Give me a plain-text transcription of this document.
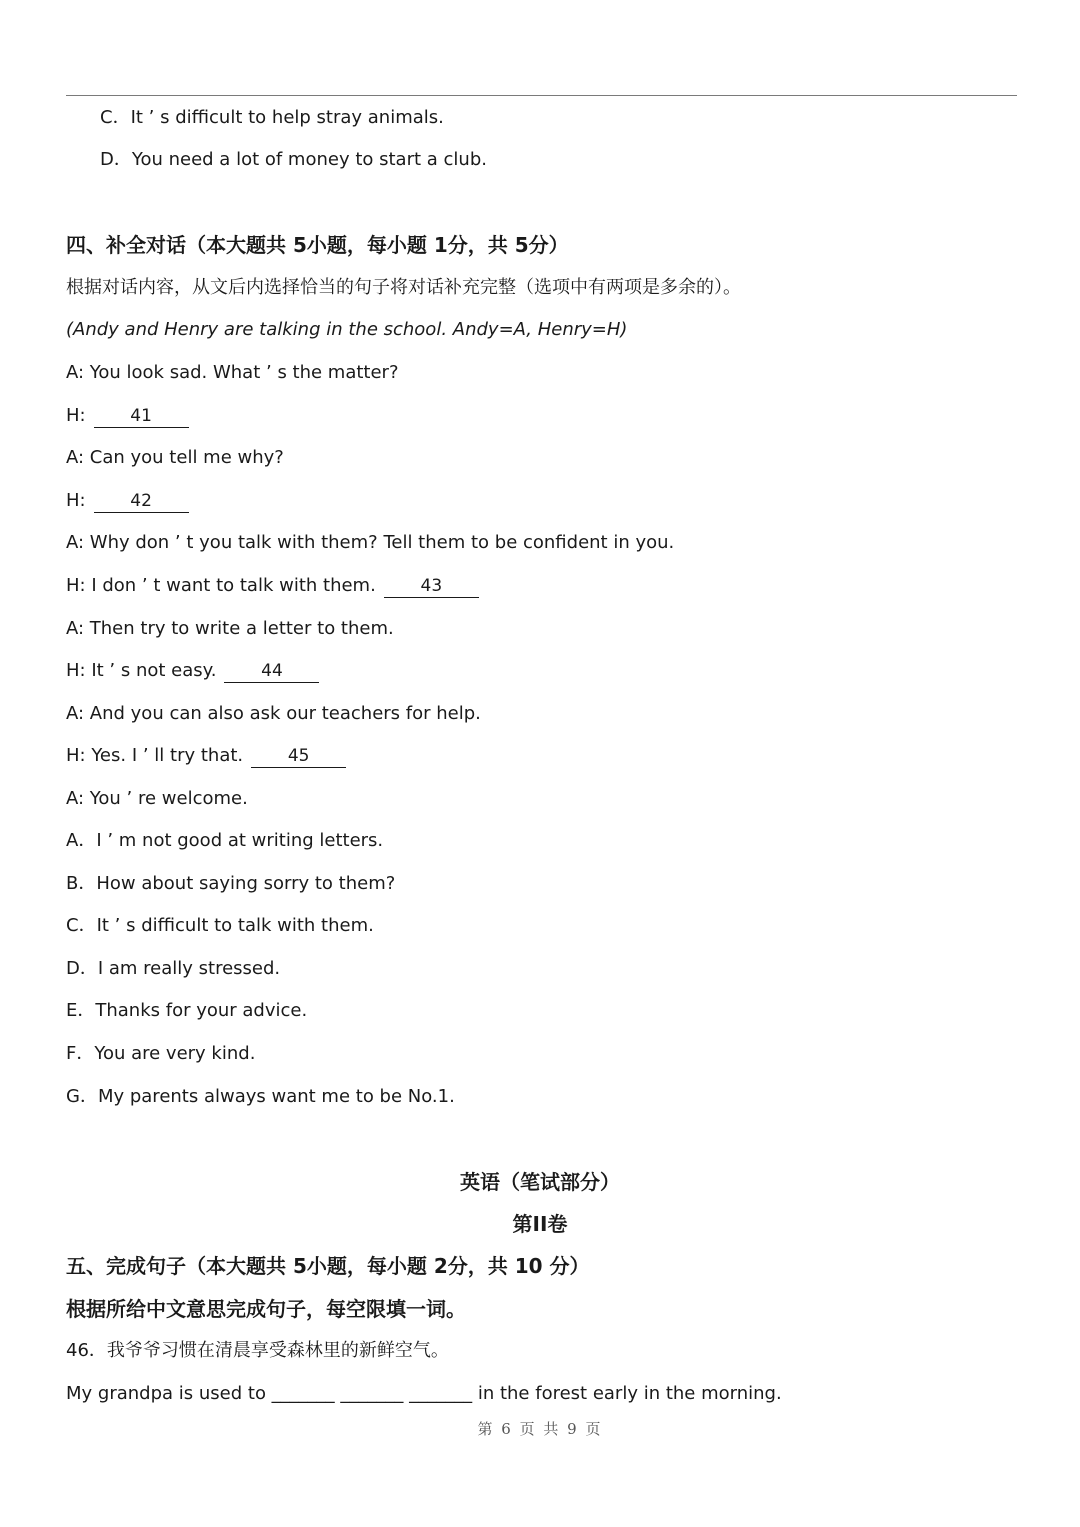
C．It ’ s difficult to help stray animals.
D．You need a lot of money to start a club.
四、补全对话（本大题共 5小题，每小题 1分，共 5分）
根据对话内容，从文后内选择恰当的句子将对话补充完整（选项中有两项是多余的）。
(Andy and Henry are talking in the school. Andy=A, Henry=H)
A: You look sad. What ’ s the matter?
H:	41
A: Can you tell me why?
H:	42
A: Why don ’ t you talk with them? Tell them to be confident in you.
H: I don ’ t want to talk with them.	43
A: Then try to write a letter to them.
H: It ’ s not easy.	44
A: And you can also ask our teachers for help.
H: Yes. I ’ ll try that.	45
A: You ’ re welcome.
A．I ’ m not good at writing letters.
B．How about saying sorry to them?
C．It ’ s difficult to talk with them.
D．I am really stressed.
E．Thanks for your advice.
F．You are very kind.
G．My parents always want me to be No.1.
英语（笔试部分）
第II卷
五、完成句子（本大题共 5小题，每小题 2分，共 10 分）
根据所给中文意思完成句子，每空限填一词。
46．我爷爷习惯在清晨享受森林里的新鲜空气。
My grandpa is used to _______ _______ _______ in the forest early in the morning.
第 6 页 共 9 页
